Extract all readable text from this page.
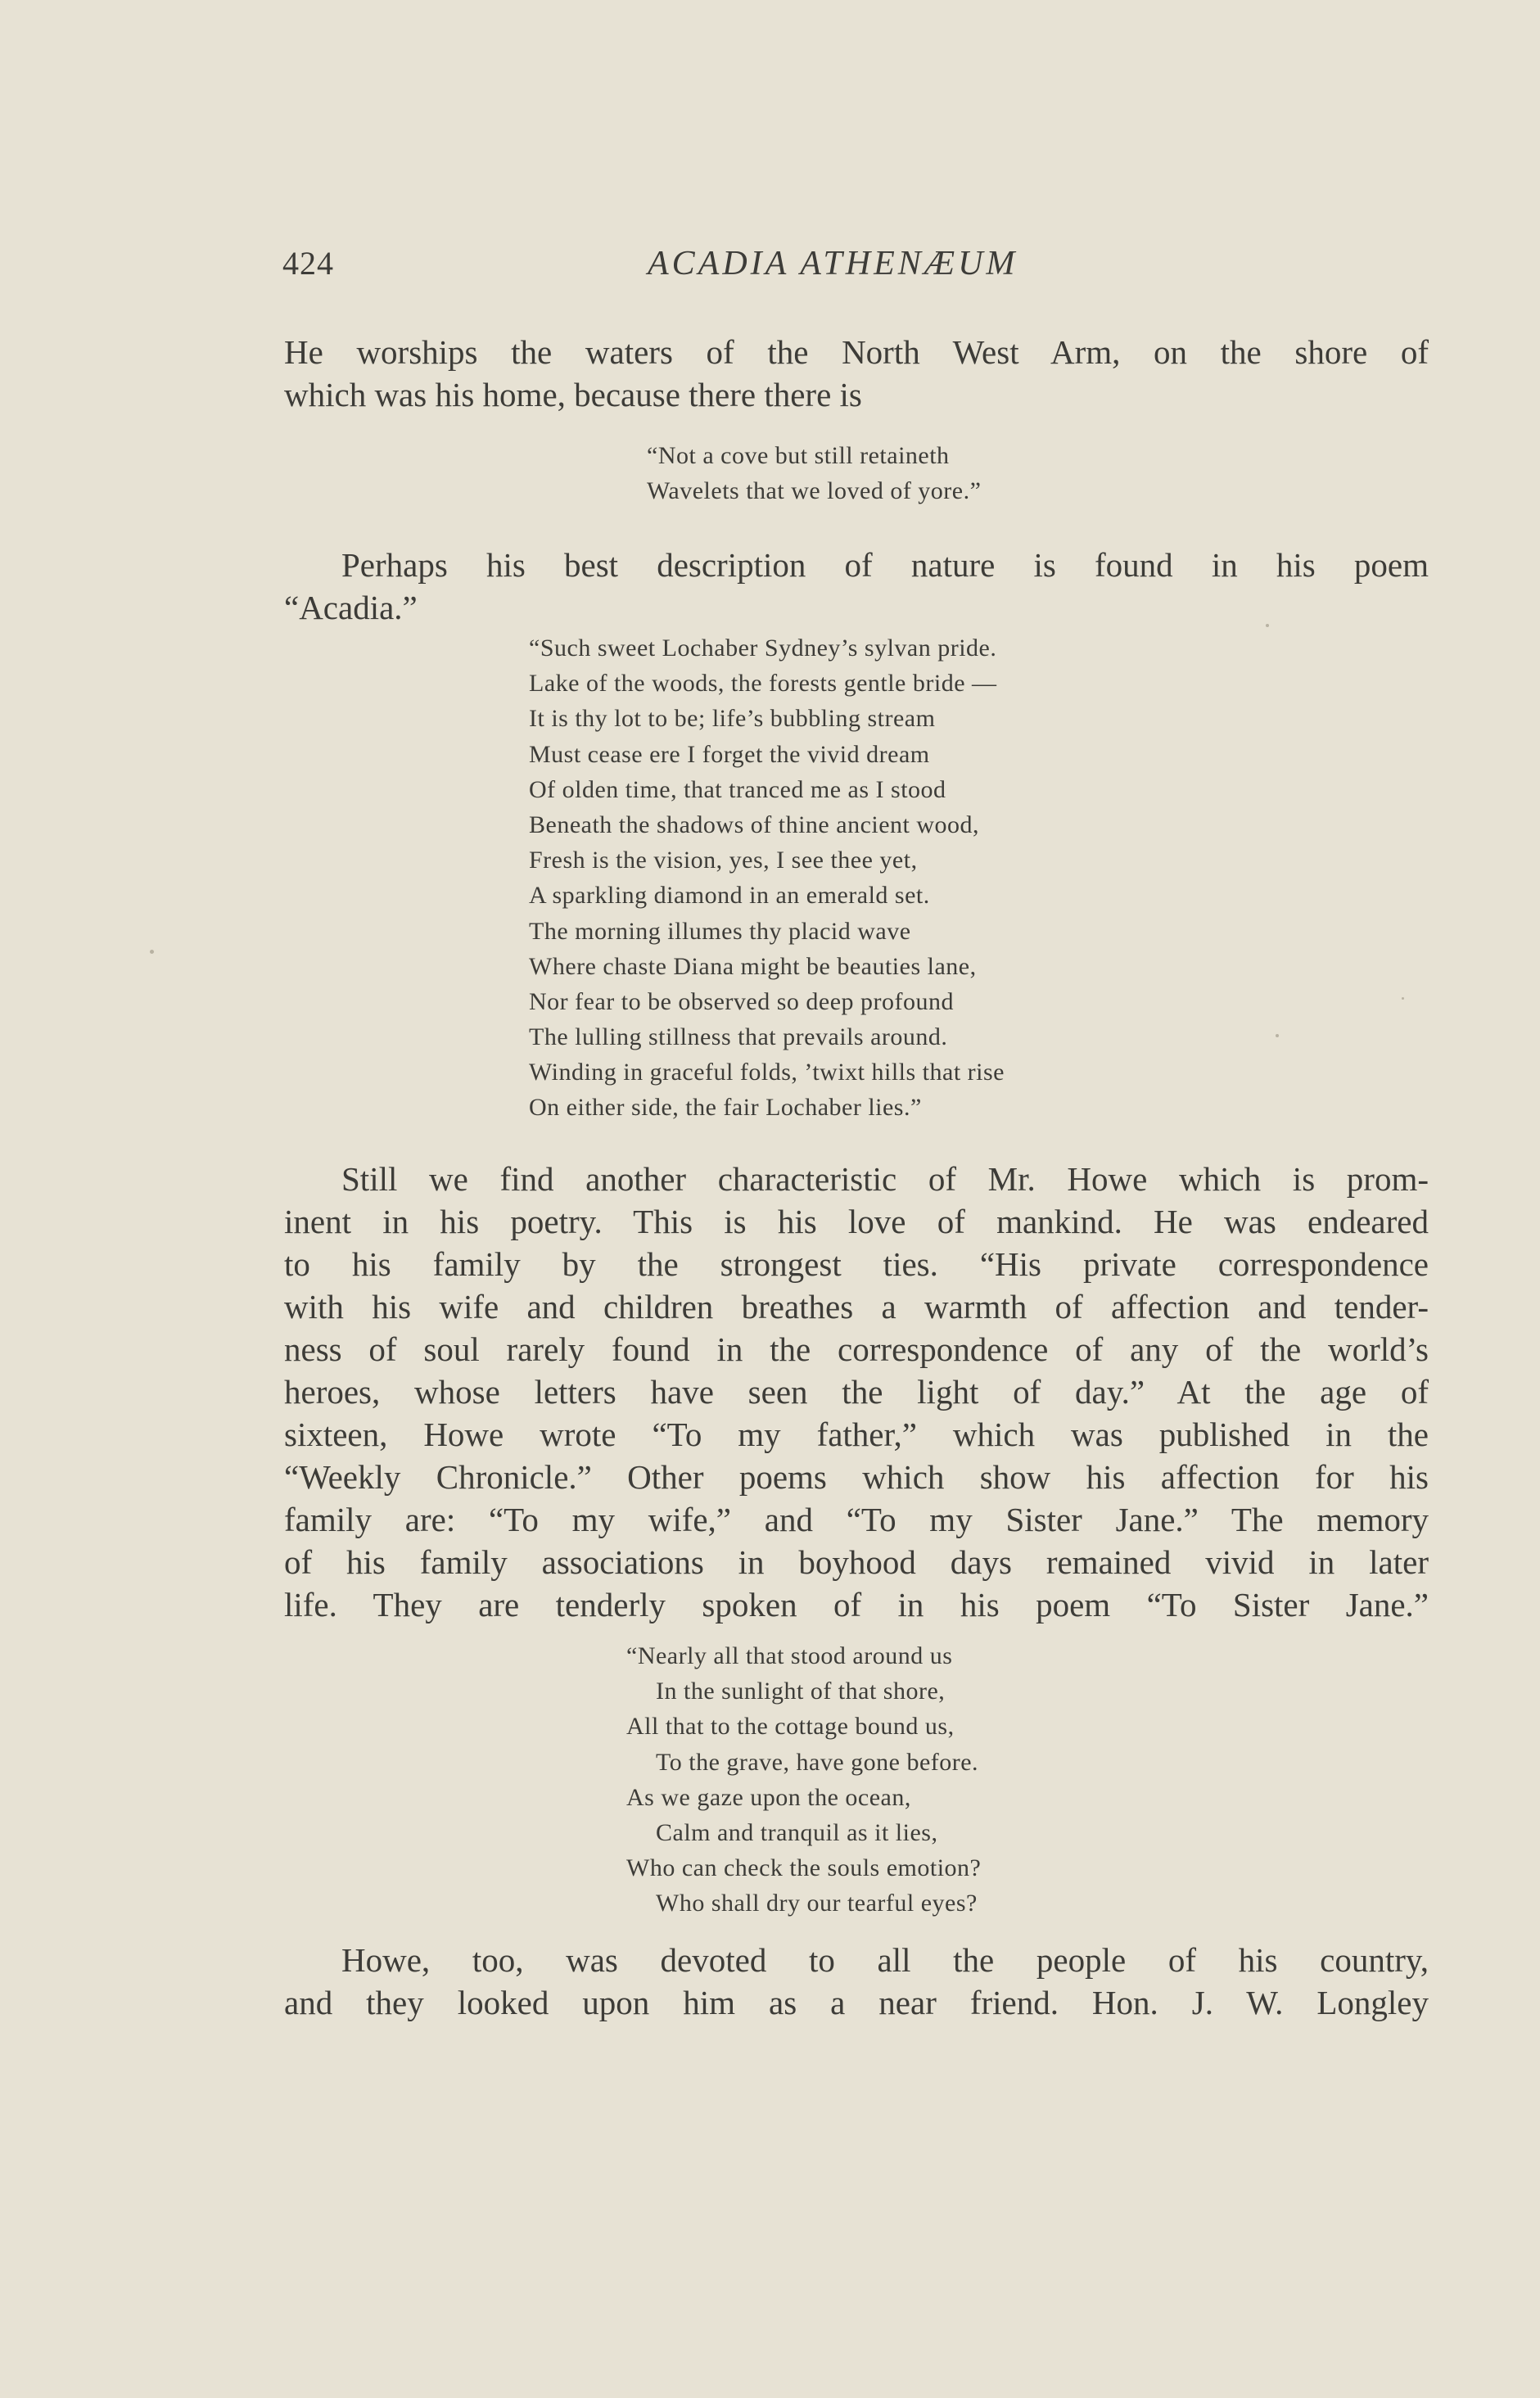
424	ACADIA ATHENÆUM
He worships the waters of the North West Arm, on the shore of
which was his home, because there there is
“Not a cove but still retaineth
Wavelets that we loved of yore.”
Perhaps his best description of nature is found in his poem
“Acadia.”
“Such sweet Lochaber Sydney’s sylvan pride.
Lake of the woods, the forests gentle bride —
It is thy lot to be; life’s bubbling stream
Must cease ere I forget the vivid dream
Of olden time, that tranced me as I stood
Beneath the shadows of thine ancient wood,
Fresh is the vision, yes, I see thee yet,
A sparkling diamond in an emerald set.
The morning illumes thy placid wave
Where chaste Diana might be beauties lane,
Nor fear to be observed so deep profound
The lulling stillness that prevails around.
Winding in graceful folds, ’twixt hills that rise
On either side, the fair Lochaber lies.”
Still we find another characteristic of Mr. Howe which is prom-
inent in his poetry. This is his love of mankind. He was endeared
to his family by the strongest ties. “His private correspondence
with his wife and children breathes a warmth of affection and tender-
ness of soul rarely found in the correspondence of any of the world’s
heroes, whose letters have seen the light of day.” At the age of
sixteen, Howe wrote “To my father,” which was published in the
“Weekly Chronicle.” Other poems which show his affection for his
family are: “To my wife,” and “To my Sister Jane.” The memory
of his family associations in boyhood days remained vivid in later
life. They are tenderly spoken of in his poem “To Sister Jane.”
“Nearly all that stood around us
In the sunlight of that shore,
All that to the cottage bound us,
To the grave, have gone before.
As we gaze upon the ocean,
Calm and tranquil as it lies,
Who can check the souls emotion?
Who shall dry our tearful eyes?
Howe, too, was devoted to all the people of his country,
and they looked upon him as a near friend. Hon. J. W. Longley
